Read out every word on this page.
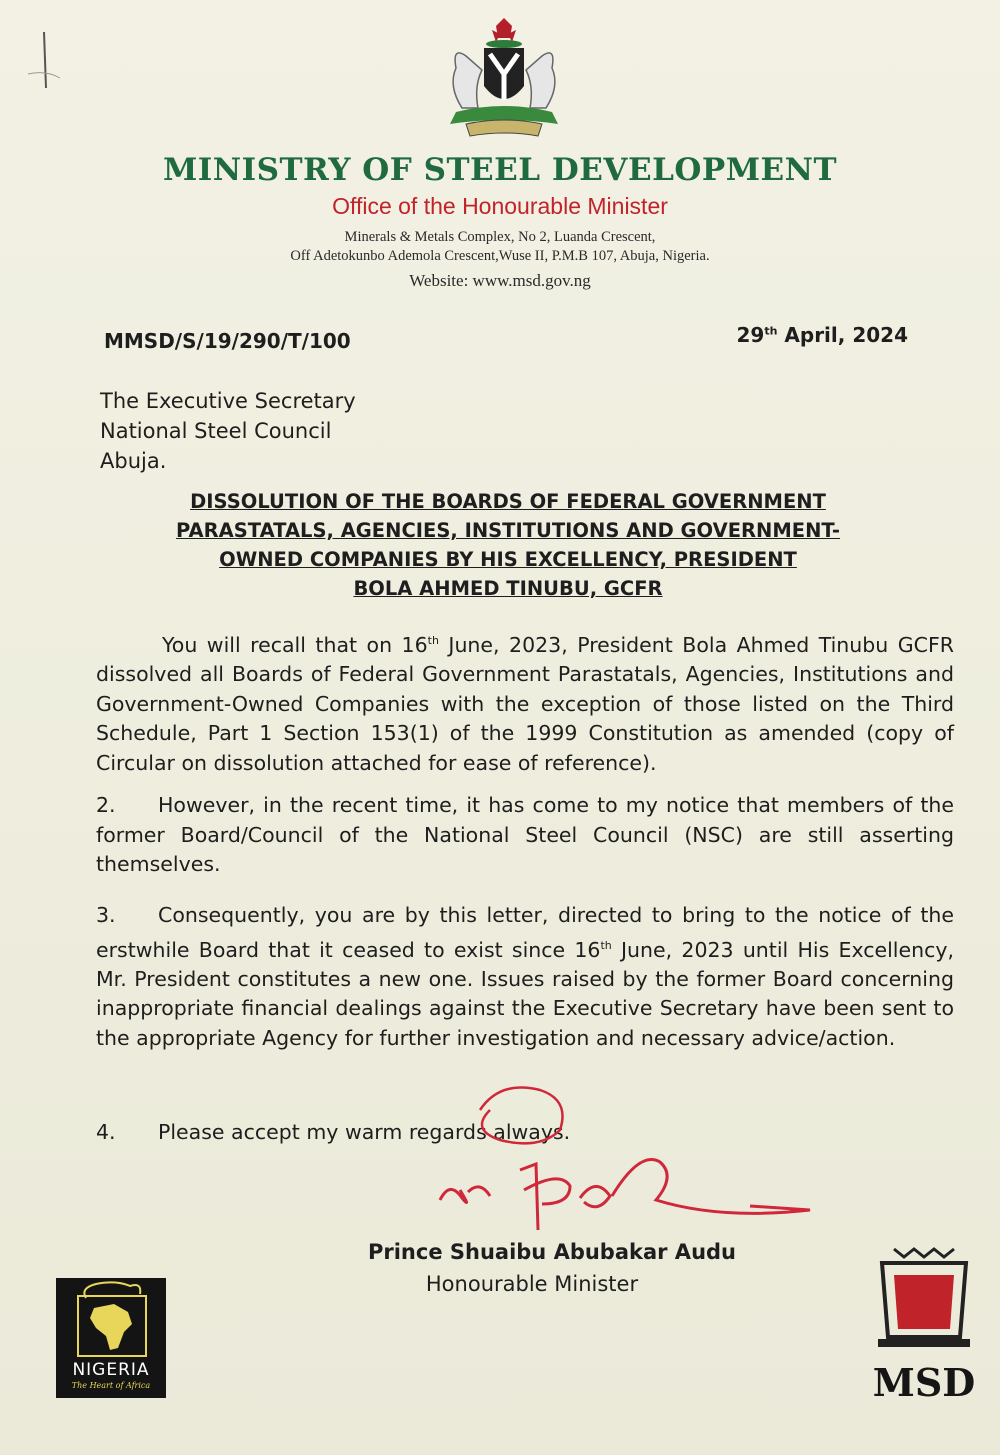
MINISTRY OF STEEL DEVELOPMENT
Office of the Honourable Minister
Minerals & Metals Complex, No 2, Luanda Crescent,
Off Adetokunbo Ademola Crescent,Wuse II, P.M.B 107, Abuja, Nigeria.
Website: www.msd.gov.ng
MMSD/S/19/290/T/100	29th April, 2024
The Executive Secretary
National Steel Council
Abuja.
DISSOLUTION OF THE BOARDS OF FEDERAL GOVERNMENT
PARASTATALS, AGENCIES, INSTITUTIONS AND GOVERNMENT-
OWNED COMPANIES BY HIS EXCELLENCY, PRESIDENT
BOLA AHMED TINUBU, GCFR
You will recall that on 16th June, 2023, President Bola Ahmed Tinubu GCFR dissolved all Boards of Federal Government Parastatals, Agencies, Institutions and Government-Owned Companies with the exception of those listed on the Third Schedule, Part 1 Section 153(1) of the 1999 Constitution as amended (copy of Circular on dissolution attached for ease of reference).
2. However, in the recent time, it has come to my notice that members of the former Board/Council of the National Steel Council (NSC) are still asserting themselves.
3. Consequently, you are by this letter, directed to bring to the notice of the erstwhile Board that it ceased to exist since 16th June, 2023 until His Excellency, Mr. President constitutes a new one. Issues raised by the former Board concerning inappropriate financial dealings against the Executive Secretary have been sent to the appropriate Agency for further investigation and necessary advice/action.
4. Please accept my warm regards always.
Prince Shuaibu Abubakar Audu
Honourable Minister
NIGERIA
The Heart of Africa	MSD
